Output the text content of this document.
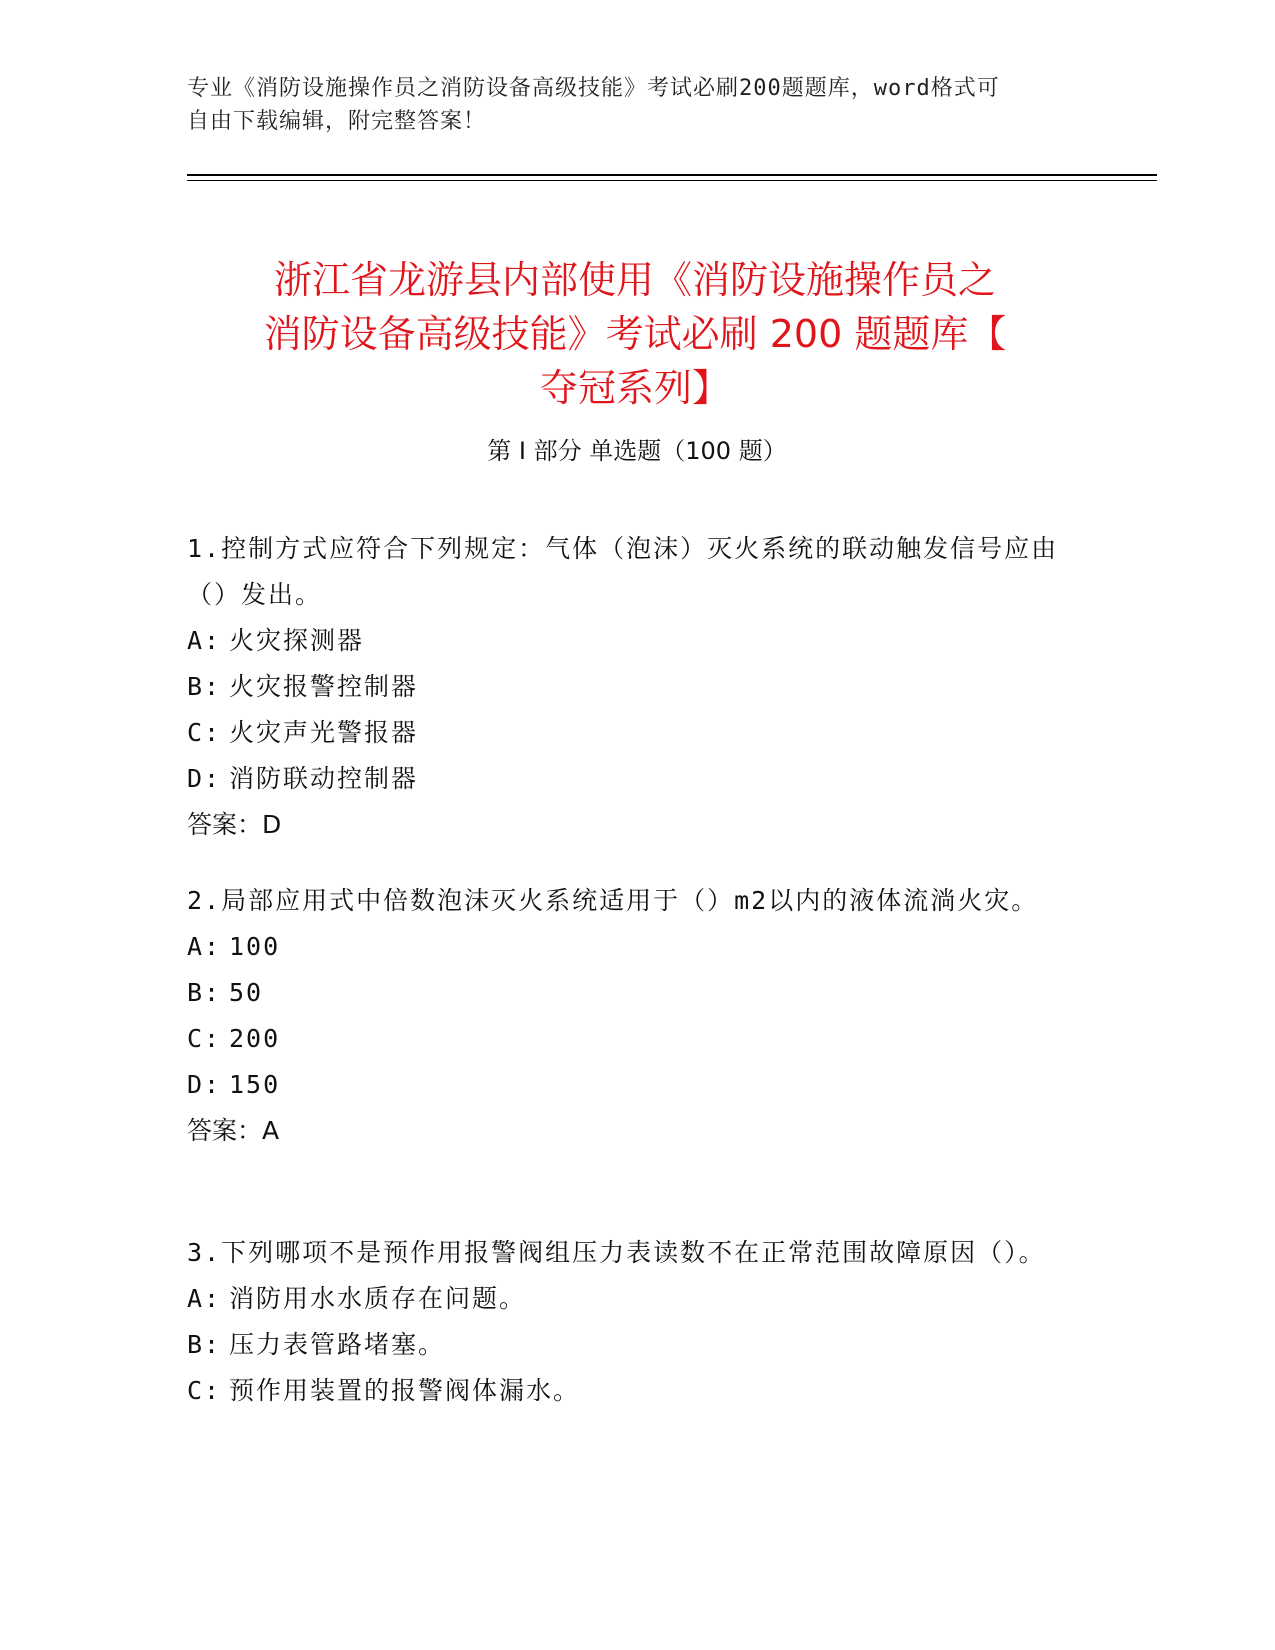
专业《消防设施操作员之消防设备高级技能》考试必刷200题题库，word格式可
自由下载编辑，附完整答案！
浙江省龙游县内部使用《消防设施操作员之
消防设备高级技能》考试必刷 200 题题库【
夺冠系列】
第 I 部分 单选题（100 题）

1.控制方式应符合下列规定：气体（泡沫）灭火系统的联动触发信号应由（）发出。

A: 火灾探测器

B: 火灾报警控制器

C: 火灾声光警报器

D: 消防联动控制器

答案：D

2.局部应用式中倍数泡沫灭火系统适用于（）m2以内的液体流淌火灾。

A: 100

B: 50

C: 200

D: 150

答案：A

3.下列哪项不是预作用报警阀组压力表读数不在正常范围故障原因（）。

A: 消防用水水质存在问题。

B: 压力表管路堵塞。

C: 预作用装置的报警阀体漏水。
